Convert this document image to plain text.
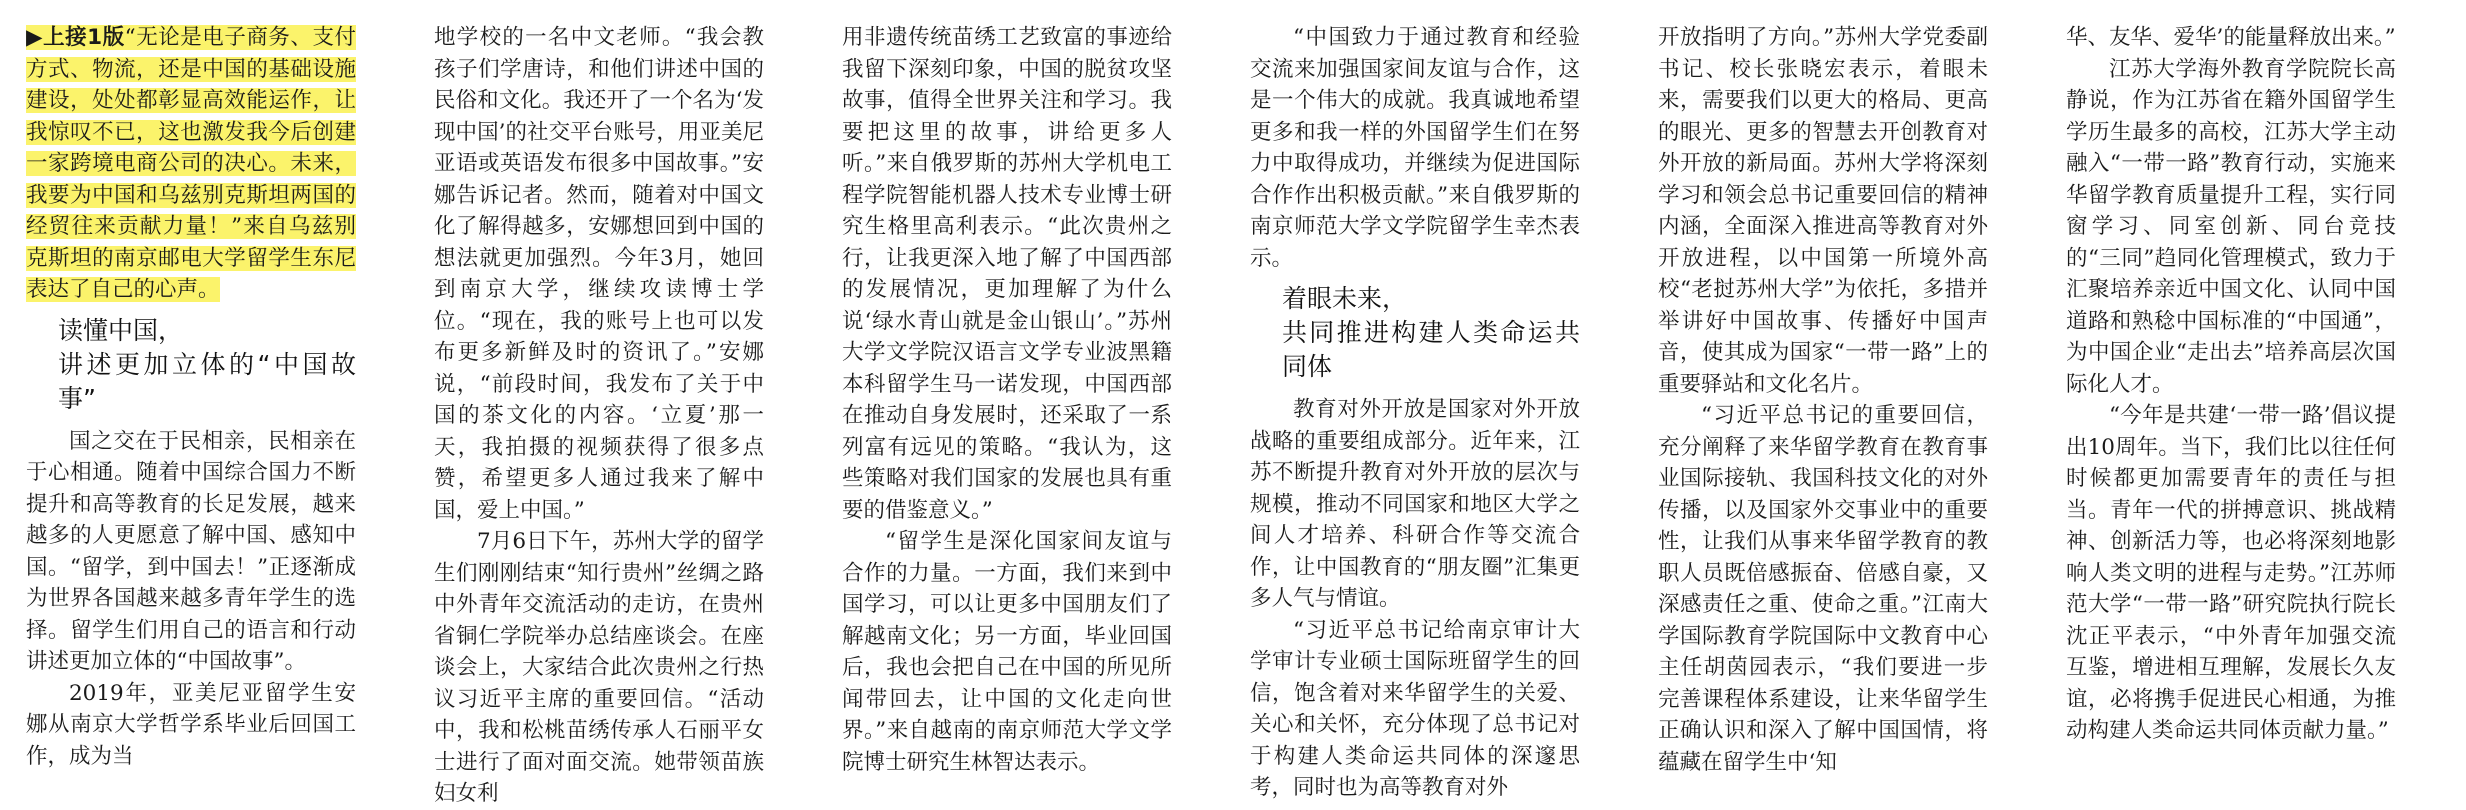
▶上接1版“无论是电子商务、支付方式、物流，还是中国的基础设施建设，处处都彰显高效能运作，让我惊叹不已，这也激发我今后创建一家跨境电商公司的决心。未来，我要为中国和乌兹别克斯坦两国的经贸往来贡献力量！”来自乌兹别克斯坦的南京邮电大学留学生东尼表达了自己的心声。

读懂中国，
讲述更加立体的“中国故事”

国之交在于民相亲，民相亲在于心相通。随着中国综合国力不断提升和高等教育的长足发展，越来越多的人更愿意了解中国、感知中国。“留学，到中国去！”正逐渐成为世界各国越来越多青年学生的选择。留学生们用自己的语言和行动讲述更加立体的“中国故事”。

2019年，亚美尼亚留学生安娜从南京大学哲学系毕业后回国工作，成为当

地学校的一名中文老师。“我会教孩子们学唐诗，和他们讲述中国的民俗和文化。我还开了一个名为‘发现中国’的社交平台账号，用亚美尼亚语或英语发布很多中国故事。”安娜告诉记者。然而，随着对中国文化了解得越多，安娜想回到中国的想法就更加强烈。今年3月，她回到南京大学，继续攻读博士学位。“现在，我的账号上也可以发布更多新鲜及时的资讯了。”安娜说，“前段时间，我发布了关于中国的茶文化的内容。‘立夏’那一天，我拍摄的视频获得了很多点赞，希望更多人通过我来了解中国，爱上中国。”

7月6日下午，苏州大学的留学生们刚刚结束“知行贵州”丝绸之路中外青年交流活动的走访，在贵州省铜仁学院举办总结座谈会。在座谈会上，大家结合此次贵州之行热议习近平主席的重要回信。“活动中，我和松桃苗绣传承人石丽平女士进行了面对面交流。她带领苗族妇女利

用非遗传统苗绣工艺致富的事迹给我留下深刻印象，中国的脱贫攻坚故事，值得全世界关注和学习。我要把这里的故事，讲给更多人听。”来自俄罗斯的苏州大学机电工程学院智能机器人技术专业博士研究生格里高利表示。“此次贵州之行，让我更深入地了解了中国西部的发展情况，更加理解了为什么说‘绿水青山就是金山银山’。”苏州大学文学院汉语言文学专业波黑籍本科留学生马一诺发现，中国西部在推动自身发展时，还采取了一系列富有远见的策略。“我认为，这些策略对我们国家的发展也具有重要的借鉴意义。”

“留学生是深化国家间友谊与合作的力量。一方面，我们来到中国学习，可以让更多中国朋友们了解越南文化；另一方面，毕业回国后，我也会把自己在中国的所见所闻带回去，让中国的文化走向世界。”来自越南的南京师范大学文学院博士研究生林智达表示。

“中国致力于通过教育和经验交流来加强国家间友谊与合作，这是一个伟大的成就。我真诚地希望更多和我一样的外国留学生们在努力中取得成功，并继续为促进国际合作作出积极贡献。”来自俄罗斯的南京师范大学文学院留学生幸杰表示。

着眼未来，
共同推进构建人类命运共同体

教育对外开放是国家对外开放战略的重要组成部分。近年来，江苏不断提升教育对外开放的层次与规模，推动不同国家和地区大学之间人才培养、科研合作等交流合作，让中国教育的“朋友圈”汇集更多人气与情谊。

“习近平总书记给南京审计大学审计专业硕士国际班留学生的回信，饱含着对来华留学生的关爱、关心和关怀，充分体现了总书记对于构建人类命运共同体的深邃思考，同时也为高等教育对外

开放指明了方向。”苏州大学党委副书记、校长张晓宏表示，着眼未来，需要我们以更大的格局、更高的眼光、更多的智慧去开创教育对外开放的新局面。苏州大学将深刻学习和领会总书记重要回信的精神内涵，全面深入推进高等教育对外开放进程，以中国第一所境外高校“老挝苏州大学”为依托，多措并举讲好中国故事、传播好中国声音，使其成为国家“一带一路”上的重要驿站和文化名片。

“习近平总书记的重要回信，充分阐释了来华留学教育在教育事业国际接轨、我国科技文化的对外传播，以及国家外交事业中的重要性，让我们从事来华留学教育的教职人员既倍感振奋、倍感自豪，又深感责任之重、使命之重。”江南大学国际教育学院国际中文教育中心主任胡茵园表示，“我们要进一步完善课程体系建设，让来华留学生正确认识和深入了解中国国情，将蕴藏在留学生中‘知

华、友华、爱华’的能量释放出来。”

江苏大学海外教育学院院长高静说，作为江苏省在籍外国留学生学历生最多的高校，江苏大学主动融入“一带一路”教育行动，实施来华留学教育质量提升工程，实行同窗学习、同室创新、同台竞技的“三同”趋同化管理模式，致力于汇聚培养亲近中国文化、认同中国道路和熟稔中国标准的“中国通”，为中国企业“走出去”培养高层次国际化人才。

“今年是共建‘一带一路’倡议提出10周年。当下，我们比以往任何时候都更加需要青年的责任与担当。青年一代的拼搏意识、挑战精神、创新活力等，也必将深刻地影响人类文明的进程与走势。”江苏师范大学“一带一路”研究院执行院长沈正平表示，“中外青年加强交流互鉴，增进相互理解，发展长久友谊，必将携手促进民心相通，为推动构建人类命运共同体贡献力量。”
